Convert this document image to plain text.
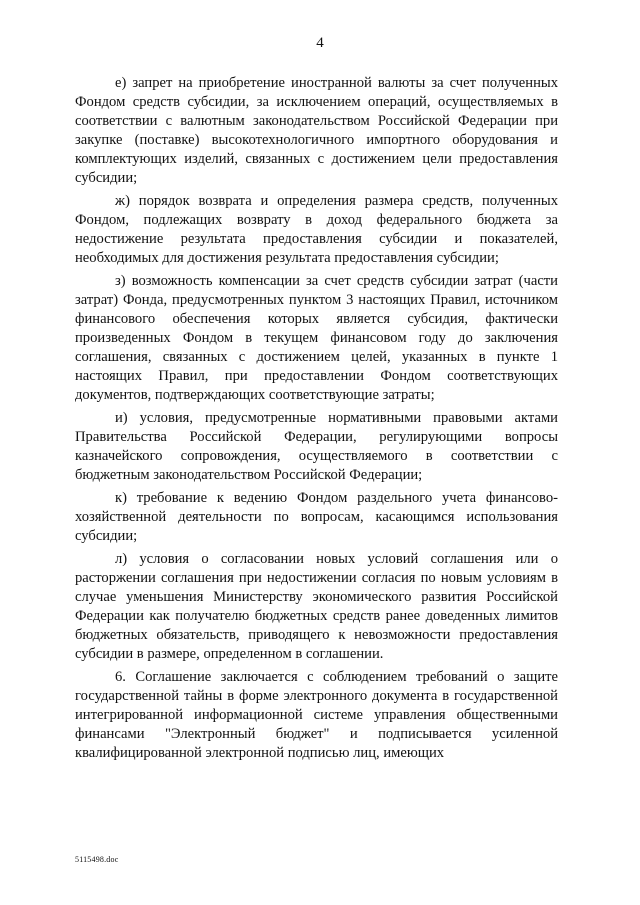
4

е) запрет на приобретение иностранной валюты за счет полученных Фондом средств субсидии, за исключением операций, осуществляемых в соответствии с валютным законодательством Российской Федерации при закупке (поставке) высокотехнологичного импортного оборудования и комплектующих изделий, связанных с достижением цели предоставления субсидии;

ж) порядок возврата и определения размера средств, полученных Фондом, подлежащих возврату в доход федерального бюджета за недостижение результата предоставления субсидии и показателей, необходимых для достижения результата предоставления субсидии;

з) возможность компенсации за счет средств субсидии затрат (части затрат) Фонда, предусмотренных пунктом 3 настоящих Правил, источником финансового обеспечения которых является субсидия, фактически произведенных Фондом в текущем финансовом году до заключения соглашения, связанных с достижением целей, указанных в пункте 1 настоящих Правил, при предоставлении Фондом соответствующих документов, подтверждающих соответствующие затраты;

и) условия, предусмотренные нормативными правовыми актами Правительства Российской Федерации, регулирующими вопросы казначейского сопровождения, осуществляемого в соответствии с бюджетным законодательством Российской Федерации;

к) требование к ведению Фондом раздельного учета финансово-хозяйственной деятельности по вопросам, касающимся использования субсидии;

л) условия о согласовании новых условий соглашения или о расторжении соглашения при недостижении согласия по новым условиям в случае уменьшения Министерству экономического развития Российской Федерации как получателю бюджетных средств ранее доведенных лимитов бюджетных обязательств, приводящего к невозможности предоставления субсидии в размере, определенном в соглашении.

6. Соглашение заключается с соблюдением требований о защите государственной тайны в форме электронного документа в государственной интегрированной информационной системе управления общественными финансами "Электронный бюджет" и подписывается усиленной квалифицированной электронной подписью лиц, имеющих

5115498.doc
